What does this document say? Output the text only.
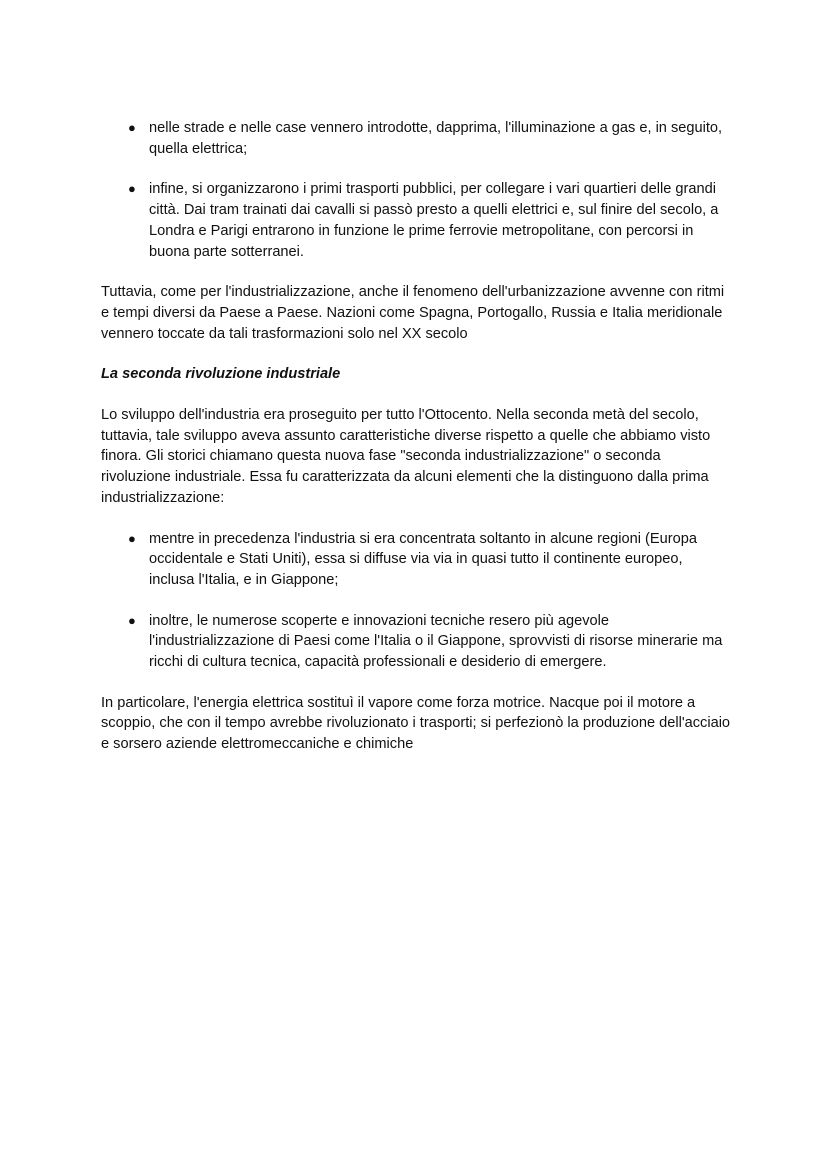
● nelle strade e nelle case vennero introdotte, dapprima, l'illuminazione a gas e, in seguito, quella elettrica;
● infine, si organizzarono i primi trasporti pubblici, per collegare i vari quartieri delle grandi città. Dai tram trainati dai cavalli si passò presto a quelli elettrici e, sul finire del secolo, a Londra e Parigi entrarono in funzione le prime ferrovie metropolitane, con percorsi in buona parte sotterranei.

Tuttavia, come per l'industrializzazione, anche il fenomeno dell'urbanizzazione avvenne con ritmi e tempi diversi da Paese a Paese. Nazioni come Spagna, Portogallo, Russia e Italia meridionale vennero toccate da tali trasformazioni solo nel XX secolo

La seconda rivoluzione industriale

Lo sviluppo dell'industria era proseguito per tutto l'Ottocento. Nella seconda metà del secolo, tuttavia, tale sviluppo aveva assunto caratteristiche diverse rispetto a quelle che abbiamo visto finora. Gli storici chiamano questa nuova fase "seconda industrializzazione" o seconda rivoluzione industriale. Essa fu caratterizzata da alcuni elementi che la distinguono dalla prima industrializzazione:

● mentre in precedenza l'industria si era concentrata soltanto in alcune regioni (Europa occidentale e Stati Uniti), essa si diffuse via via in quasi tutto il continente europeo, inclusa l'Italia, e in Giappone;
● inoltre, le numerose scoperte e innovazioni tecniche resero più agevole l'industrializzazione di Paesi come l'Italia o il Giappone, sprovvisti di risorse minerarie ma ricchi di cultura tecnica, capacità professionali e desiderio di emergere.

In particolare, l'energia elettrica sostituì il vapore come forza motrice. Nacque poi il motore a scoppio, che con il tempo avrebbe rivoluzionato i trasporti; si perfezionò la produzione dell'acciaio e sorsero aziende elettromeccaniche e chimiche
